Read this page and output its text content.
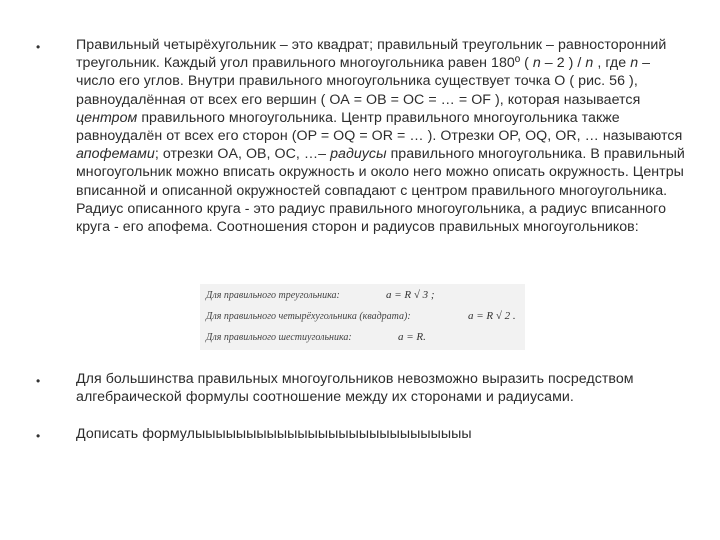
•	Правильный четырёхугольник – это квадрат; правильный треугольник – равносторонний треугольник. Каждый угол правильного многоугольника равен 180º ( n – 2 ) / n , где n – число его углов. Внутри правильного многоугольника существует точка О ( рис. 56 ), равноудалённая от всех его вершин ( ОА = ОВ = ОС = … = OF ), которая называется центром правильного многоугольника. Центр правильного многоугольника также равноудалён от всех его сторон (OP = OQ = OR = … ). Отрезки OP, OQ, OR, … называются апофемами; отрезки OA, OB, OC, …– радиусы правильного многоугольника. В правильный многоугольник можно вписать окружность и около него можно описать окружность. Центры вписанной и описанной окружностей совпадают с центром правильного многоугольника.

Радиус описанного круга - это радиус правильного многоугольника, а радиус вписанного круга - его апофема. Соотношения сторон и радиусов правильных многоугольников:

Для правильного треугольника:	a = R √ 3 ;
Для правильного четырёхугольника (квадрата):	a = R √ 2 .
Для правильного шестиугольника:	a = R.
•	Для большинства правильных многоугольников невозможно выразить посредством алгебраической формулы соотношение между их сторонами и радиусами.
•	Дописать формулыыыыыыыыыыыыыыыыыыыыыыыыыыы
